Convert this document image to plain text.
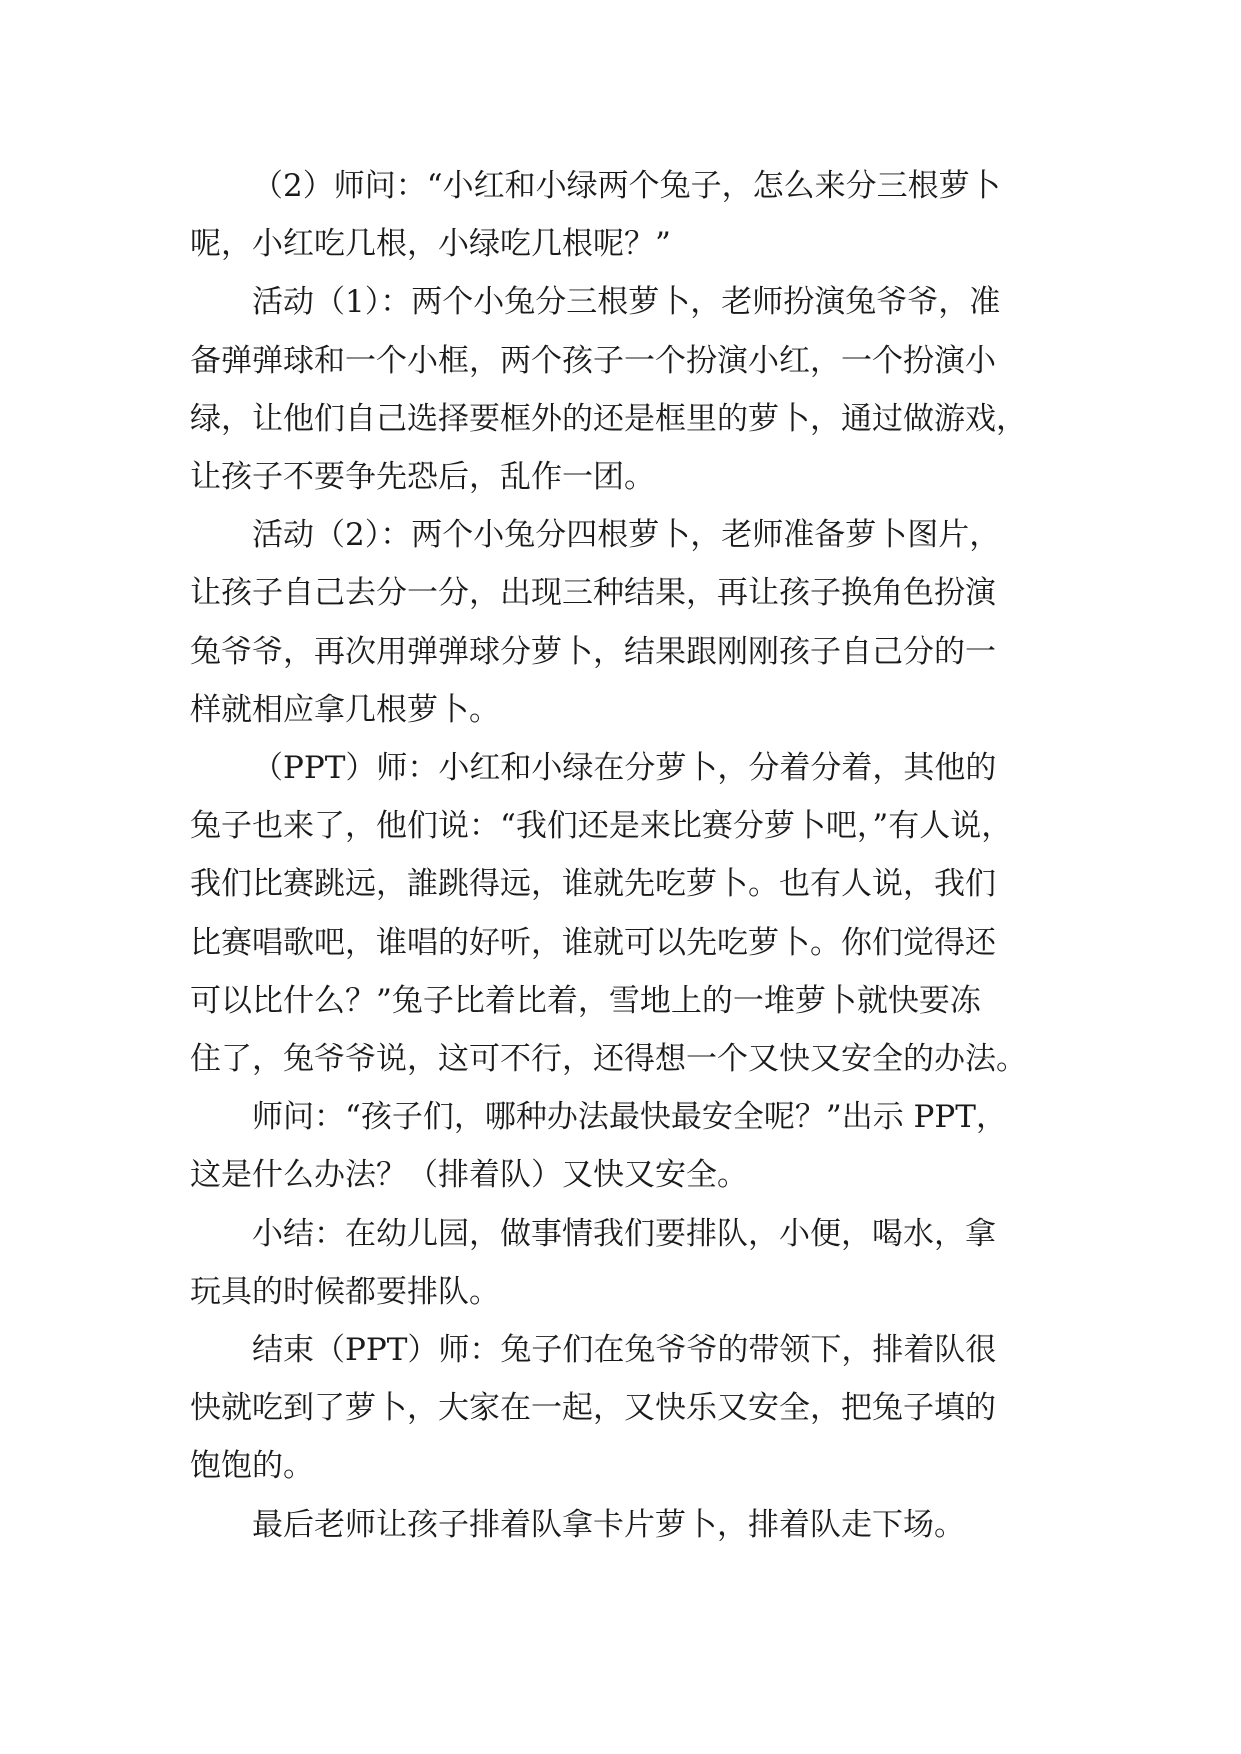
（2）师问：“小红和小绿两个兔子，怎么来分三根萝卜
呢，小红吃几根，小绿吃几根呢？”

活动（1）：两个小兔分三根萝卜，老师扮演兔爷爷，准
备弹弹球和一个小框，两个孩子一个扮演小红，一个扮演小
绿，让他们自己选择要框外的还是框里的萝卜，通过做游戏，
让孩子不要争先恐后，乱作一团。

活动（2）：两个小兔分四根萝卜，老师准备萝卜图片，
让孩子自己去分一分，出现三种结果，再让孩子换角色扮演
兔爷爷，再次用弹弹球分萝卜，结果跟刚刚孩子自己分的一
样就相应拿几根萝卜。

（PPT）师：小红和小绿在分萝卜，分着分着，其他的
兔子也来了，他们说：“我们还是来比赛分萝卜吧，”有人说，
我们比赛跳远，誰跳得远，谁就先吃萝卜。也有人说，我们
比赛唱歌吧，谁唱的好听，谁就可以先吃萝卜。你们觉得还
可以比什么？”兔子比着比着，雪地上的一堆萝卜就快要冻
住了，兔爷爷说，这可不行，还得想一个又快又安全的办法。

师问：“孩子们，哪种办法最快最安全呢？”出示 PPT，
这是什么办法？（排着队）又快又安全。

小结：在幼儿园，做事情我们要排队，小便，喝水，拿
玩具的时候都要排队。

结束（PPT）师：兔子们在兔爷爷的带领下，排着队很
快就吃到了萝卜，大家在一起，又快乐又安全，把兔子填的
饱饱的。

最后老师让孩子排着队拿卡片萝卜，排着队走下场。
